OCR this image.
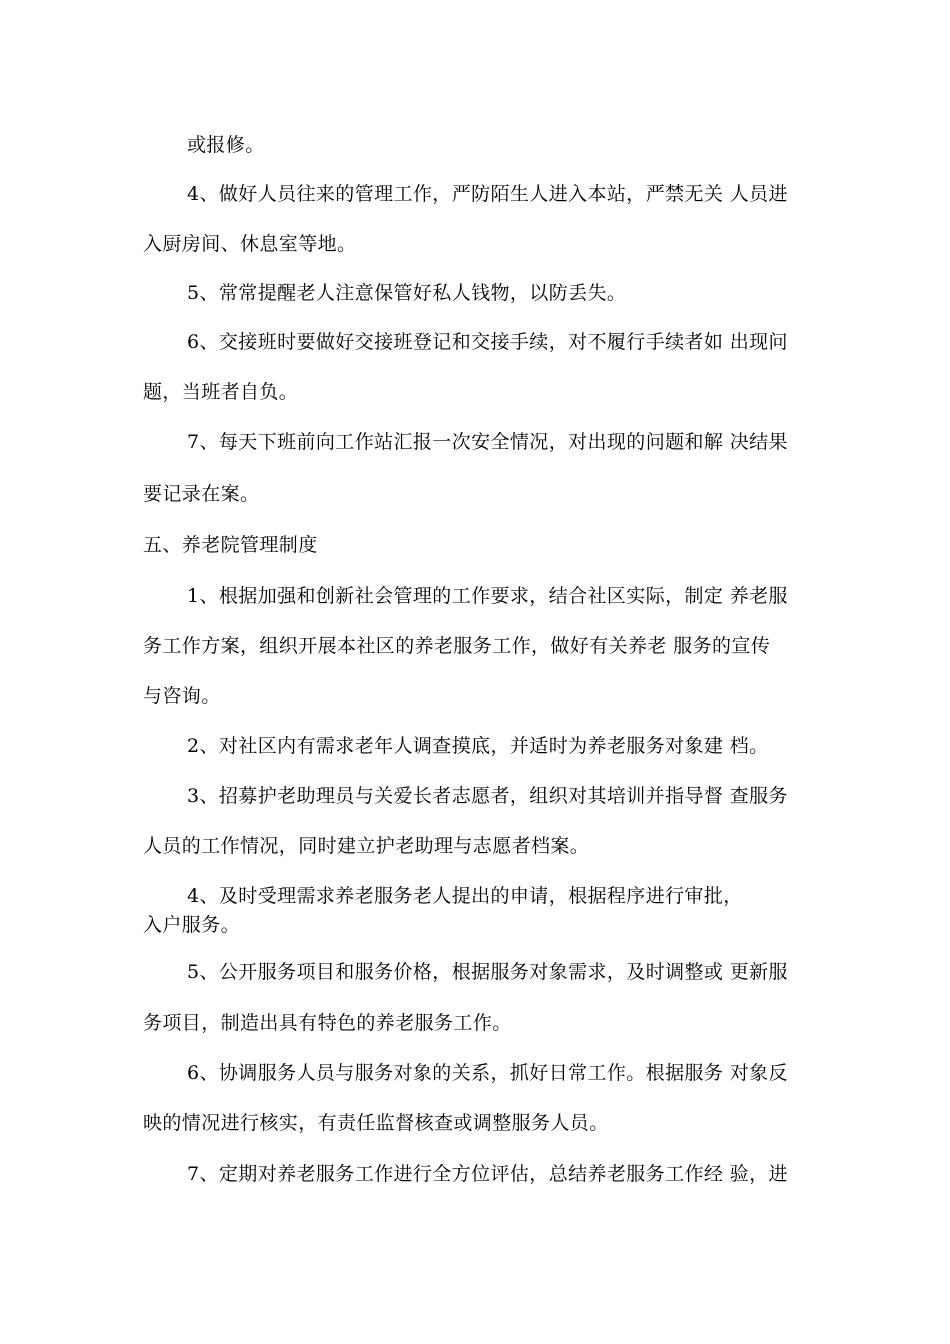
或报修。
4、做好人员往来的管理工作，严防陌生人进入本站，严禁无关 人员进
入厨房间、休息室等地。
5、常常提醒老人注意保管好私人钱物，以防丢失。
6、交接班时要做好交接班登记和交接手续，对不履行手续者如 出现问
题，当班者自负。
7、每天下班前向工作站汇报一次安全情况，对出现的问题和解 决结果
要记录在案。
五、养老院管理制度
1、根据加强和创新社会管理的工作要求，结合社区实际，制定 养老服
务工作方案，组织开展本社区的养老服务工作，做好有关养老 服务的宣传
与咨询。
2、对社区内有需求老年人调查摸底，并适时为养老服务对象建 档。
3、招募护老助理员与关爱长者志愿者，组织对其培训并指导督 查服务
人员的工作情况，同时建立护老助理与志愿者档案。
4、及时受理需求养老服务老人提出的申请，根据程序进行审批，
入户服务。
5、公开服务项目和服务价格，根据服务对象需求，及时调整或 更新服
务项目，制造出具有特色的养老服务工作。
6、协调服务人员与服务对象的关系，抓好日常工作。根据服务 对象反
映的情况进行核实，有责任监督核查或调整服务人员。
7、定期对养老服务工作进行全方位评估，总结养老服务工作经 验，进
